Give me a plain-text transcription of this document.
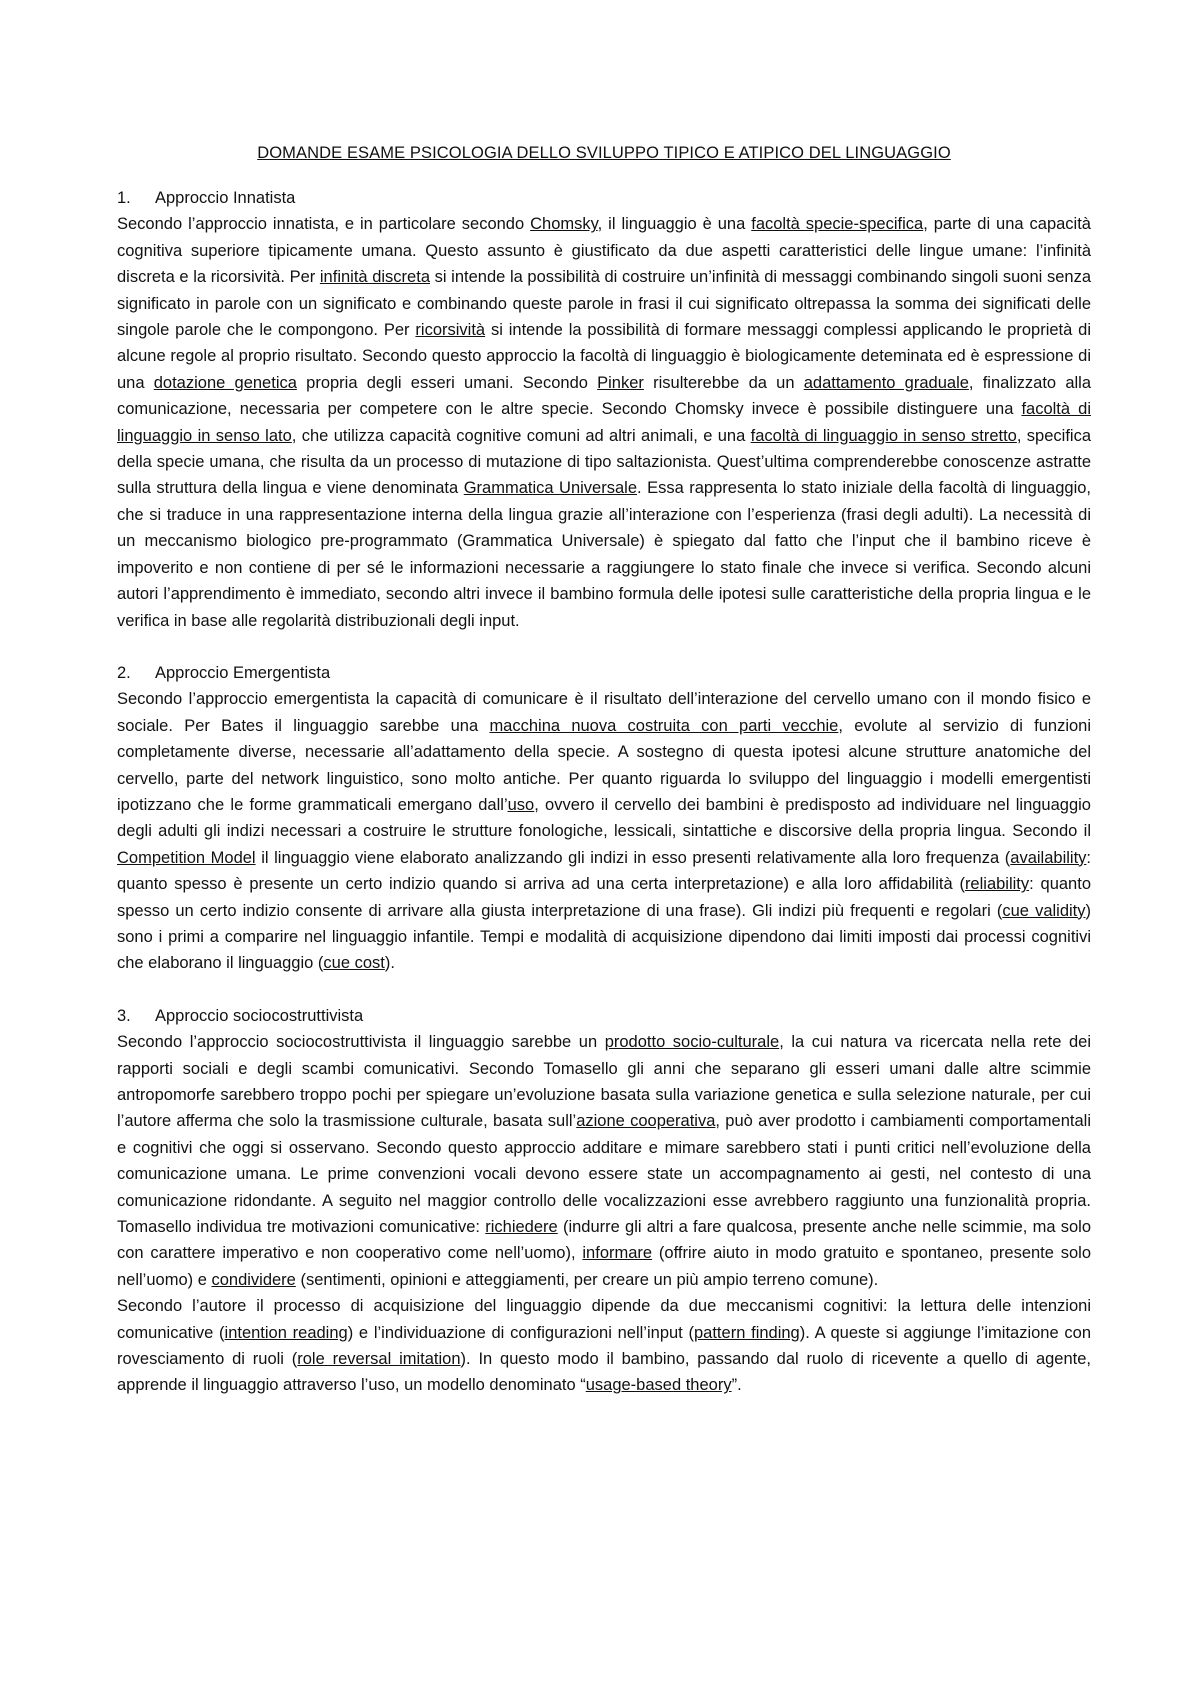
DOMANDE ESAME PSICOLOGIA DELLO SVILUPPO TIPICO E ATIPICO DEL LINGUAGGIO
1.	Approccio Innatista

Secondo l’approccio innatista, e in particolare secondo Chomsky, il linguaggio è una facoltà specie-specifica, parte di una capacità cognitiva superiore tipicamente umana. Questo assunto è giustificato da due aspetti caratteristici delle lingue umane: l’infinità discreta e la ricorsività. Per infinità discreta si intende la possibilità di costruire un’infinità di messaggi combinando singoli suoni senza significato in parole con un significato e combinando queste parole in frasi il cui significato oltrepassa la somma dei significati delle singole parole che le compongono. Per ricorsività si intende la possibilità di formare messaggi complessi applicando le proprietà di alcune regole al proprio risultato. Secondo questo approccio la facoltà di linguaggio è biologicamente deteminata ed è espressione di una dotazione genetica propria degli esseri umani. Secondo Pinker risulterebbe da un adattamento graduale, finalizzato alla comunicazione, necessaria per competere con le altre specie. Secondo Chomsky invece è possibile distinguere una facoltà di linguaggio in senso lato, che utilizza capacità cognitive comuni ad altri animali, e una facoltà di linguaggio in senso stretto, specifica della specie umana, che risulta da un processo di mutazione di tipo saltazionista. Quest’ultima comprenderebbe conoscenze astratte sulla struttura della lingua e viene denominata Grammatica Universale. Essa rappresenta lo stato iniziale della facoltà di linguaggio, che si traduce in una rappresentazione interna della lingua grazie all’interazione con l’esperienza (frasi degli adulti). La necessità di un meccanismo biologico pre-programmato (Grammatica Universale) è spiegato dal fatto che l’input che il bambino riceve è impoverito e non contiene di per sé le informazioni necessarie a raggiungere lo stato finale che invece si verifica. Secondo alcuni autori l’apprendimento è immediato, secondo altri invece il bambino formula delle ipotesi sulle caratteristiche della propria lingua e le verifica in base alle regolarità distribuzionali degli input.

2.	Approccio Emergentista

Secondo l’approccio emergentista la capacità di comunicare è il risultato dell’interazione del cervello umano con il mondo fisico e sociale. Per Bates il linguaggio sarebbe una macchina nuova costruita con parti vecchie, evolute al servizio di funzioni completamente diverse, necessarie all’adattamento della specie. A sostegno di questa ipotesi alcune strutture anatomiche del cervello, parte del network linguistico, sono molto antiche. Per quanto riguarda lo sviluppo del linguaggio i modelli emergentisti ipotizzano che le forme grammaticali emergano dall’uso, ovvero il cervello dei bambini è predisposto ad individuare nel linguaggio degli adulti gli indizi necessari a costruire le strutture fonologiche, lessicali, sintattiche e discorsive della propria lingua. Secondo il Competition Model il linguaggio viene elaborato analizzando gli indizi in esso presenti relativamente alla loro frequenza (availability: quanto spesso è presente un certo indizio quando si arriva ad una certa interpretazione) e alla loro affidabilità (reliability: quanto spesso un certo indizio consente di arrivare alla giusta interpretazione di una frase). Gli indizi più frequenti e regolari (cue validity) sono i primi a comparire nel linguaggio infantile. Tempi e modalità di acquisizione dipendono dai limiti imposti dai processi cognitivi che elaborano il linguaggio (cue cost).

3.	Approccio sociocostruttivista

Secondo l’approccio sociocostruttivista il linguaggio sarebbe un prodotto socio-culturale, la cui natura va ricercata nella rete dei rapporti sociali e degli scambi comunicativi. Secondo Tomasello gli anni che separano gli esseri umani dalle altre scimmie antropomorfe sarebbero troppo pochi per spiegare un’evoluzione basata sulla variazione genetica e sulla selezione naturale, per cui l’autore afferma che solo la trasmissione culturale, basata sull’azione cooperativa, può aver prodotto i cambiamenti comportamentali e cognitivi che oggi si osservano. Secondo questo approccio additare e mimare sarebbero stati i punti critici nell’evoluzione della comunicazione umana. Le prime convenzioni vocali devono essere state un accompagnamento ai gesti, nel contesto di una comunicazione ridondante. A seguito nel maggior controllo delle vocalizzazioni esse avrebbero raggiunto una funzionalità propria. Tomasello individua tre motivazioni comunicative: richiedere (indurre gli altri a fare qualcosa, presente anche nelle scimmie, ma solo con carattere imperativo e non cooperativo come nell’uomo), informare (offrire aiuto in modo gratuito e spontaneo, presente solo nell’uomo) e condividere (sentimenti, opinioni e atteggiamenti, per creare un più ampio terreno comune).

Secondo l’autore il processo di acquisizione del linguaggio dipende da due meccanismi cognitivi: la lettura delle intenzioni comunicative (intention reading) e l’individuazione di configurazioni nell’input (pattern finding). A queste si aggiunge l’imitazione con rovesciamento di ruoli (role reversal imitation). In questo modo il bambino, passando dal ruolo di ricevente a quello di agente, apprende il linguaggio attraverso l’uso, un modello denominato “usage-based theory”.
